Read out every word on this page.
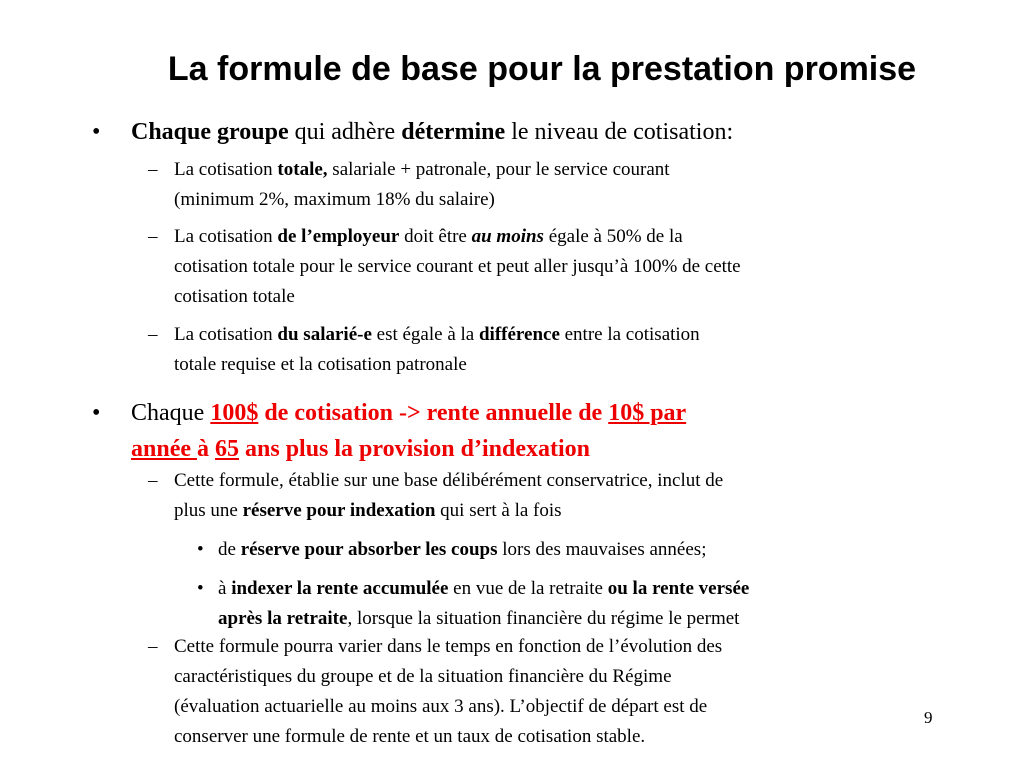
La formule de base pour la prestation promise
• Chaque groupe qui adhère détermine le niveau de cotisation:
– La cotisation totale, salariale + patronale, pour le service courant
(minimum 2%, maximum 18% du salaire)
– La cotisation de l’employeur doit être au moins égale à 50% de la
cotisation totale pour le service courant et peut aller jusqu’à 100% de cette
cotisation totale
– La cotisation du salarié-e est égale à la différence entre la cotisation
totale requise et la cotisation patronale
• Chaque 100$ de cotisation -> rente annuelle de 10$ par
année à 65 ans plus la provision d’indexation
– Cette formule, établie sur une base délibérément conservatrice, inclut de
plus une réserve pour indexation qui sert à la fois
• de réserve pour absorber les coups lors des mauvaises années;
• à indexer la rente accumulée en vue de la retraite ou la rente versée
après la retraite, lorsque la situation financière du régime le permet
– Cette formule pourra varier dans le temps en fonction de l’évolution des
caractéristiques du groupe et de la situation financière du Régime
(évaluation actuarielle au moins aux 3 ans). L’objectif de départ est de
conserver une formule de rente et un taux de cotisation stable.
9
